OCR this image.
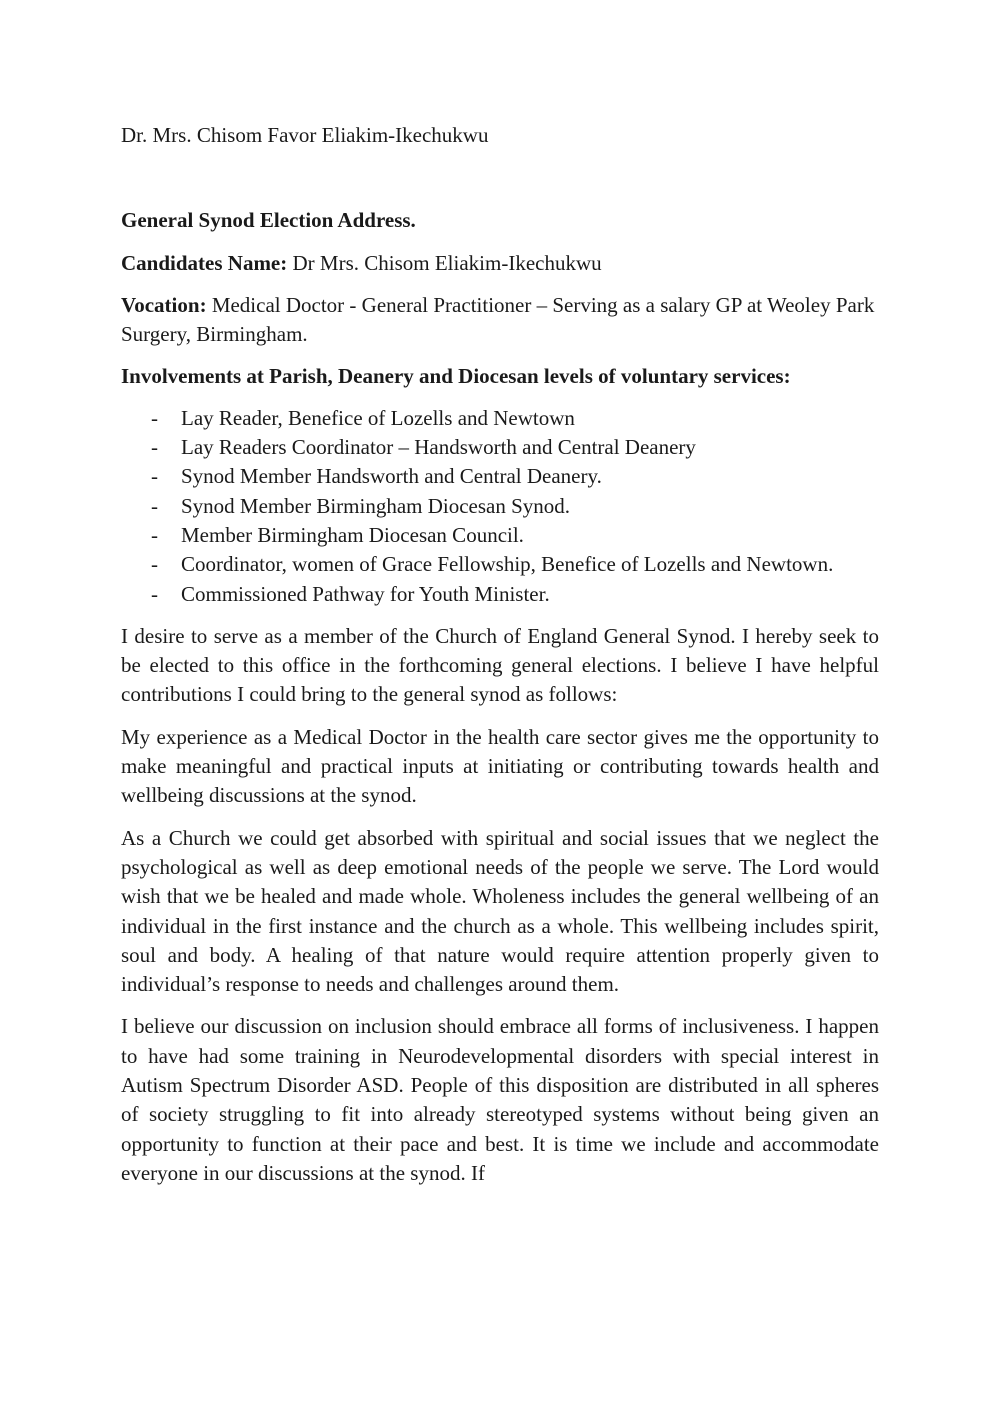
Dr. Mrs. Chisom Favor Eliakim-Ikechukwu

General Synod Election Address.

Candidates Name: Dr Mrs. Chisom Eliakim-Ikechukwu

Vocation: Medical Doctor - General Practitioner – Serving as a salary GP at Weoley Park Surgery, Birmingham.

Involvements at Parish, Deanery and Diocesan levels of voluntary services:

- Lay Reader, Benefice of Lozells and Newtown
- Lay Readers Coordinator – Handsworth and Central Deanery
- Synod Member Handsworth and Central Deanery.
- Synod Member Birmingham Diocesan Synod.
- Member Birmingham Diocesan Council.
- Coordinator, women of Grace Fellowship, Benefice of Lozells and Newtown.
- Commissioned Pathway for Youth Minister.

I desire to serve as a member of the Church of England General Synod. I hereby seek to be elected to this office in the forthcoming general elections. I believe I have helpful contributions I could bring to the general synod as follows:

My experience as a Medical Doctor in the health care sector gives me the opportunity to make meaningful and practical inputs at initiating or contributing towards health and wellbeing discussions at the synod.

As a Church we could get absorbed with spiritual and social issues that we neglect the psychological as well as deep emotional needs of the people we serve. The Lord would wish that we be healed and made whole. Wholeness includes the general wellbeing of an individual in the first instance and the church as a whole. This wellbeing includes spirit, soul and body. A healing of that nature would require attention properly given to individual’s response to needs and challenges around them.

I believe our discussion on inclusion should embrace all forms of inclusiveness. I happen to have had some training in Neurodevelopmental disorders with special interest in Autism Spectrum Disorder ASD. People of this disposition are distributed in all spheres of society struggling to fit into already stereotyped systems without being given an opportunity to function at their pace and best. It is time we include and accommodate everyone in our discussions at the synod. If
